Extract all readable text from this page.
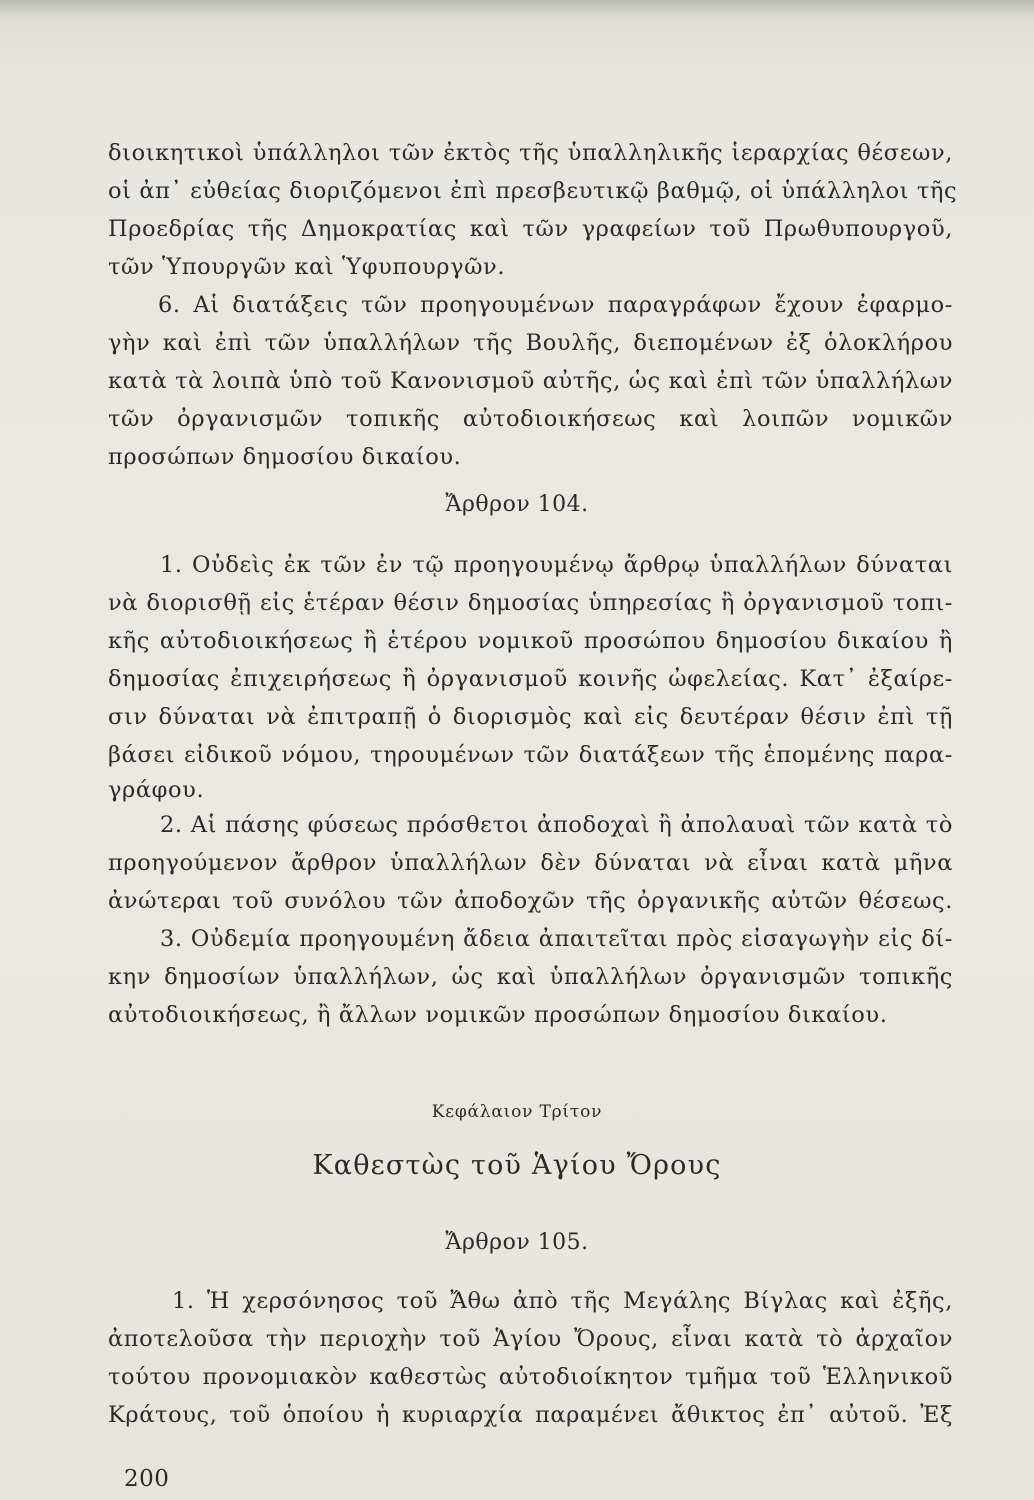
διοικητικοὶ ὑπάλληλοι τῶν ἐκτὸς τῆς ὑπαλληλικῆς ἱεραρχίας θέσεων,
οἱ ἀπ᾽ εὐθείας διοριζόμενοι ἐπὶ πρεσβευτικῷ βαθμῷ, οἱ ὑπάλληλοι τῆς
Προεδρίας τῆς Δημοκρατίας καὶ τῶν γραφείων τοῦ Πρωθυπουργοῦ,
τῶν Ὑπουργῶν καὶ Ὑφυπουργῶν.
6. Αἱ διατάξεις τῶν προηγουμένων παραγράφων ἔχουν ἐφαρμο-
γὴν καὶ ἐπὶ τῶν ὑπαλλήλων τῆς Βουλῆς, διεπομένων ἐξ ὁλοκλήρου
κατὰ τὰ λοιπὰ ὑπὸ τοῦ Κανονισμοῦ αὐτῆς, ὡς καὶ ἐπὶ τῶν ὑπαλλήλων
τῶν ὀργανισμῶν τοπικῆς αὐτοδιοικήσεως καὶ λοιπῶν νομικῶν
προσώπων δημοσίου δικαίου.
Ἄρθρον 104.
1. Οὐδεὶς ἐκ τῶν ἐν τῷ προηγουμένῳ ἄρθρῳ ὑπαλλήλων δύναται
νὰ διορισθῇ εἰς ἑτέραν θέσιν δημοσίας ὑπηρεσίας ἢ ὀργανισμοῦ τοπι-
κῆς αὐτοδιοικήσεως ἢ ἑτέρου νομικοῦ προσώπου δημοσίου δικαίου ἢ
δημοσίας ἐπιχειρήσεως ἢ ὀργανισμοῦ κοινῆς ὠφελείας. Κατ᾽ ἐξαίρε-
σιν δύναται νὰ ἐπιτραπῇ ὁ διορισμὸς καὶ εἰς δευτέραν θέσιν ἐπὶ τῇ
βάσει εἰδικοῦ νόμου, τηρουμένων τῶν διατάξεων τῆς ἑπομένης παρα-
γράφου.
2. Αἱ πάσης φύσεως πρόσθετοι ἀποδοχαὶ ἢ ἀπολαυαὶ τῶν κατὰ τὸ
προηγούμενον ἄρθρον ὑπαλλήλων δὲν δύναται νὰ εἶναι κατὰ μῆνα
ἀνώτεραι τοῦ συνόλου τῶν ἀποδοχῶν τῆς ὀργανικῆς αὐτῶν θέσεως.
3. Οὐδεμία προηγουμένη ἄδεια ἀπαιτεῖται πρὸς εἰσαγωγὴν εἰς δί-
κην δημοσίων ὑπαλλήλων, ὡς καὶ ὑπαλλήλων ὀργανισμῶν τοπικῆς
αὐτοδιοικήσεως, ἢ ἄλλων νομικῶν προσώπων δημοσίου δικαίου.
Κεφάλαιον Τρίτον
Καθεστὼς τοῦ Ἁγίου Ὄρους
Ἄρθρον 105.
1. Ἡ χερσόνησος τοῦ Ἄθω ἀπὸ τῆς Μεγάλης Βίγλας καὶ ἐξῆς,
ἀποτελοῦσα τὴν περιοχὴν τοῦ Ἁγίου Ὄρους, εἶναι κατὰ τὸ ἀρχαῖον
τούτου προνομιακὸν καθεστὼς αὐτοδιοίκητον τμῆμα τοῦ Ἑλληνικοῦ
Κράτους, τοῦ ὁποίου ἡ κυριαρχία παραμένει ἄθικτος ἐπ᾽ αὐτοῦ. Ἐξ
200
